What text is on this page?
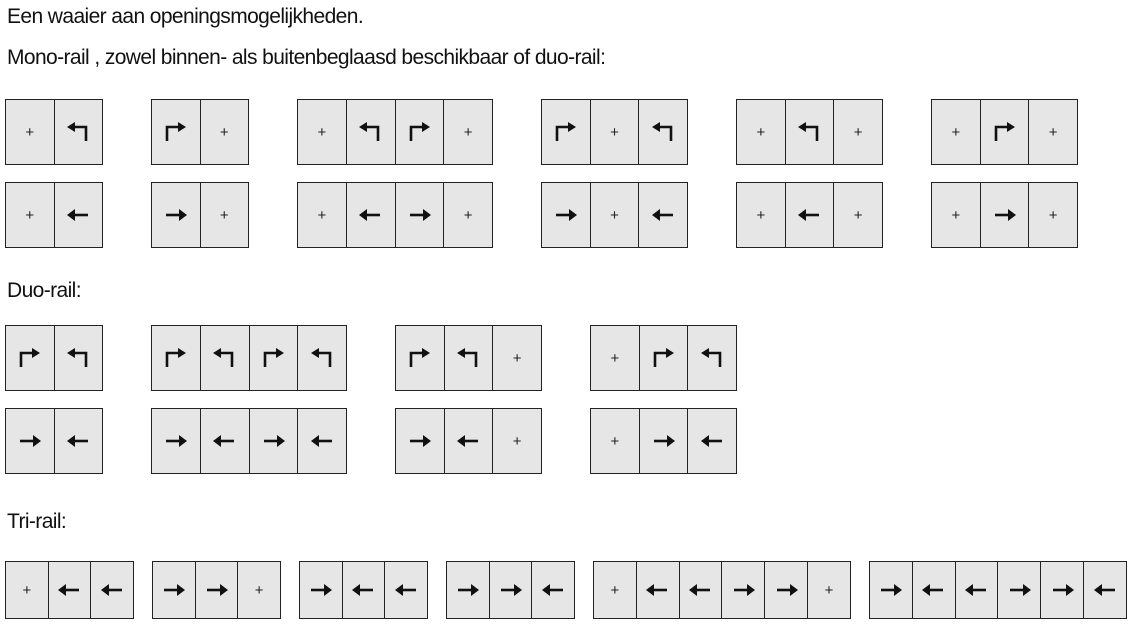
Een waaier aan openingsmogelijkheden.
Mono-rail , zowel binnen- als buitenbeglaasd beschikbaar of duo-rail:
+	+	+	+	+	+	+	+	+
+	+	+	+	+	+	+	+	+
Duo-rail:
+	+
+	+
Tri-rail:
+	+	+	+
